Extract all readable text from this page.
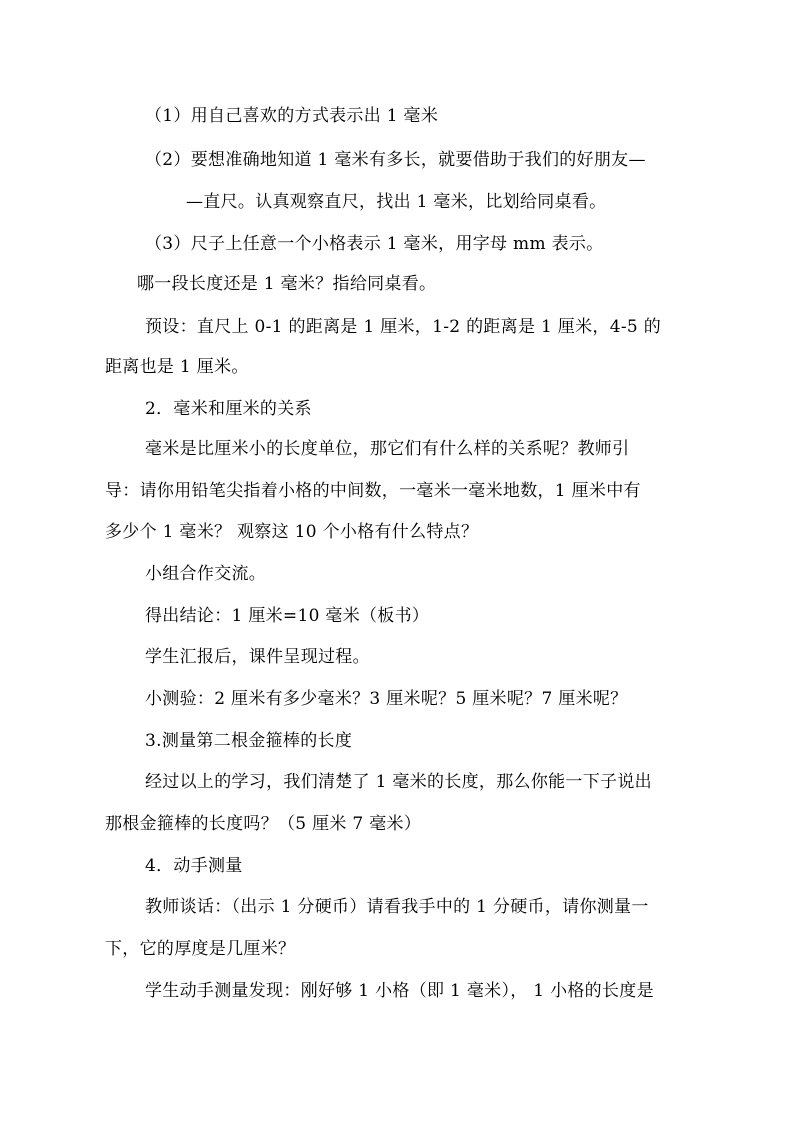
（1）用自己喜欢的方式表示出 1 毫米
（2）要想准确地知道 1 毫米有多长，就要借助于我们的好朋友—
—直尺。认真观察直尺，找出 1 毫米，比划给同桌看。
（3）尺子上任意一个小格表示 1 毫米，用字母 mm 表示。
哪一段长度还是 1 毫米？指给同桌看。
预设：直尺上 0-1 的距离是 1 厘米，1-2 的距离是 1 厘米，4-5 的
距离也是 1 厘米。
2．毫米和厘米的关系
毫米是比厘米小的长度单位，那它们有什么样的关系呢？教师引
导：请你用铅笔尖指着小格的中间数，一毫米一毫米地数，1 厘米中有
多少个 1 毫米？ 观察这 10 个小格有什么特点？
小组合作交流。
得出结论：1 厘米=10 毫米（板书）
学生汇报后，课件呈现过程。
小测验：2 厘米有多少毫米？3 厘米呢？5 厘米呢？7 厘米呢？
3.测量第二根金箍棒的长度
经过以上的学习，我们清楚了 1 毫米的长度，那么你能一下子说出
那根金箍棒的长度吗？（5 厘米 7 毫米）
4．动手测量
教师谈话：（出示 1 分硬币）请看我手中的 1 分硬币，请你测量一
下，它的厚度是几厘米？
学生动手测量发现：刚好够 1 小格（即 1 毫米）， 1 小格的长度是
